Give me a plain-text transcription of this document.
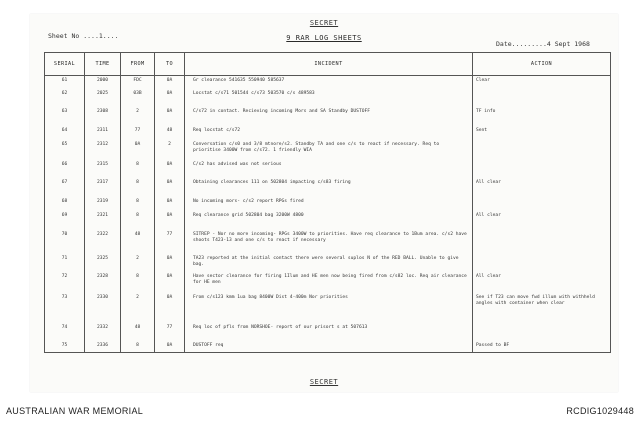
SECRET
Sheet No ....1....	9 RAR LOG SHEETS
Date.........4 Sept 1968
SERIAL	TIME	FROM	TO	INCIDENT	ACTION
61	2000	FDC	0A	Gr clearance 541635 550940 585637	Clear
62	2025	03B	0A	Locstat c/s71 501544 c/s73 503570 c/s 489583	
63	2308	2	0A	C/s72 in contact. Recieving incoming Mors and SA Standby DUSTOFF	TF info
64	2311	77	48	Req locstat c/s72	Sent
65	2312	0A	2	Conversation c/s0 and 3/8 mtnore/s2. Standby TA and one c/s to react if necessary. Req to prioritise 3400W from c/s72. 1 friendly WIA	
66	2315	8	0A	C/s2 has advised was not serious	
67	2317	8	0A	Obtaining clearances 111 on 502804 impacting c/s83 firing	All clear
68	2319	8	0A	No incoming mors- c/s2 report RPGs fired	
69	2321	8	0A	Req clearance grid 502804 bag 3200W 4800	All clear
70	2322	48	77	SITREP - Nor no more incoming- RPGs 3400W to priorities. Have req clearance to 1Bum area. c/s2 have shoots T423-13 and one c/s to react if necessary	
71	2325	2	0A	TA23 reported at the initial contact there were several suplos N of the RED BALL. Unable to give bag.	
72	2328	8	0A	Have sector clearance for firing 1Ilum and HE men now being fired from c/s82 loc. Req air clearance for HE men	All clear
73	2330	2	0A	From c/s123 kmm 1ua bag 8400W Dist 4-400m Nor priorities	See if T23 can move fwd illum with withheld angles with container when clear
74	2332	48	77	Req loc of pfls from NORSHOE- report of our prisort s at 507613	
75	2336	8	0A	DUSTOFF req	Passed to BF
SECRET
AUSTRALIAN WAR MEMORIAL	RCDIG1029448
